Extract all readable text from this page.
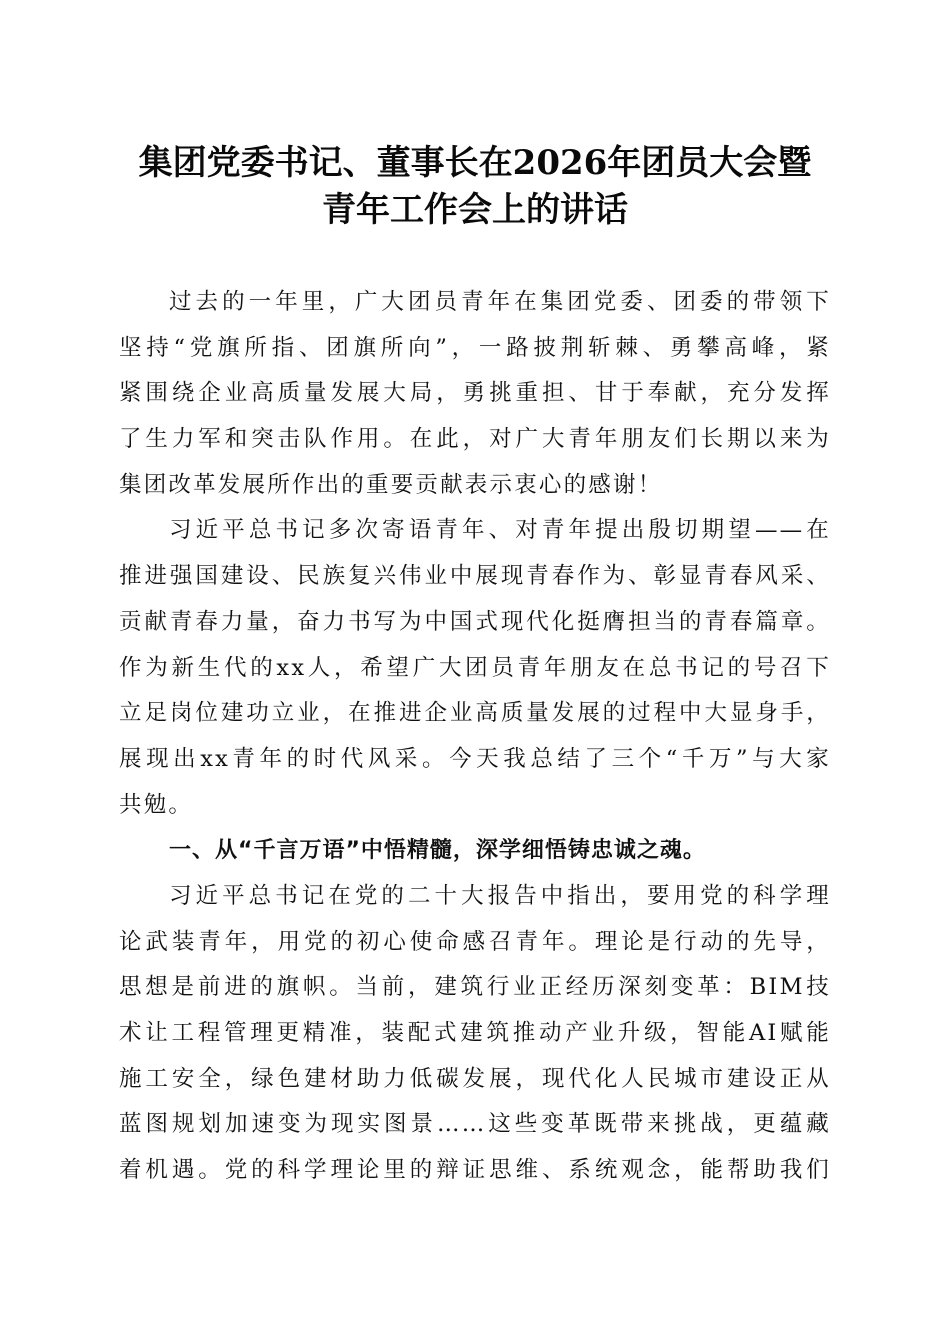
集团党委书记、董事长在2026年团员大会暨
青年工作会上的讲话
过去的一年里，广大团员青年在集团党委、团委的带领下
坚持“党旗所指、团旗所向”，一路披荆斩棘、勇攀高峰，紧
紧围绕企业高质量发展大局，勇挑重担、甘于奉献，充分发挥
了生力军和突击队作用。在此，对广大青年朋友们长期以来为
集团改革发展所作出的重要贡献表示衷心的感谢！
习近平总书记多次寄语青年、对青年提出殷切期望——在
推进强国建设、民族复兴伟业中展现青春作为、彰显青春风采、
贡献青春力量，奋力书写为中国式现代化挺膺担当的青春篇章。
作为新生代的xx人，希望广大团员青年朋友在总书记的号召下
立足岗位建功立业，在推进企业高质量发展的过程中大显身手，
展现出xx青年的时代风采。今天我总结了三个“千万”与大家
共勉。
一、从“千言万语”中悟精髓，深学细悟铸忠诚之魂。
习近平总书记在党的二十大报告中指出，要用党的科学理
论武装青年，用党的初心使命感召青年。理论是行动的先导，
思想是前进的旗帜。当前，建筑行业正经历深刻变革：BIM技
术让工程管理更精准，装配式建筑推动产业升级，智能AI赋能
施工安全，绿色建材助力低碳发展，现代化人民城市建设正从
蓝图规划加速变为现实图景……这些变革既带来挑战，更蕴藏
着机遇。党的科学理论里的辩证思维、系统观念，能帮助我们
